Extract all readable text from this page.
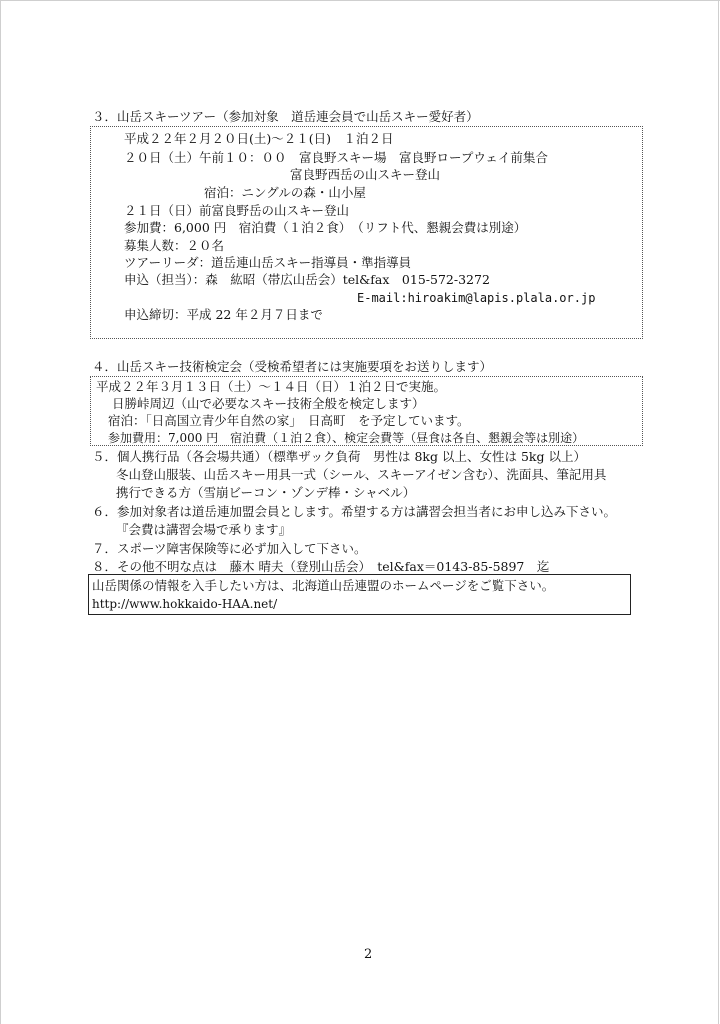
３．山岳スキーツアー（参加対象　道岳連会員で山岳スキー愛好者）
平成２２年２月２０日(土)～２１(日)　１泊２日
２０日（土）午前１０：００　富良野スキー場　富良野ロープウェイ前集合
富良野西岳の山スキー登山
宿泊：ニングルの森・山小屋
２１日（日）前富良野岳の山スキー登山
参加費：6,000 円　宿泊費（１泊２食）　（リフト代、懇親会費は別途）
募集人数：２０名
ツアーリーダ：道岳連山岳スキー指導員・準指導員
申込（担当）：森　紘昭（帯広山岳会）tel&fax　015-572-3272
E-mail:hiroakim@lapis.plala.or.jp
申込締切：平成 22 年２月７日まで
４．山岳スキー技術検定会（受検希望者には実施要項をお送りします）
平成２２年３月１３日（土）～１４日（日）１泊２日で実施。
日勝峠周辺（山で必要なスキー技術全般を検定します）
宿泊：「日高国立青少年自然の家」　日高町　を予定しています。
参加費用：7,000 円　宿泊費（１泊２食）、検定会費等（昼食は各自、懇親会等は別途）
５．個人携行品（各会場共通）（標準ザック負荷　男性は 8kg 以上、女性は 5kg 以上）
冬山登山服装、山岳スキー用具一式（シール、スキーアイゼン含む）、洗面具、筆記用具
携行できる方（雪崩ビーコン・ゾンデ棒・シャベル）
６．参加対象者は道岳連加盟会員とします。希望する方は講習会担当者にお申し込み下さい。
『会費は講習会場で承ります』
７．スポーツ障害保険等に必ず加入して下さい。
８．その他不明な点は　藤木 晴夫（登別山岳会）　tel&fax＝0143-85-5897　迄
山岳関係の情報を入手したい方は、北海道山岳連盟のホームページをご覧下さい。
http://www.hokkaido-HAA.net/
2
